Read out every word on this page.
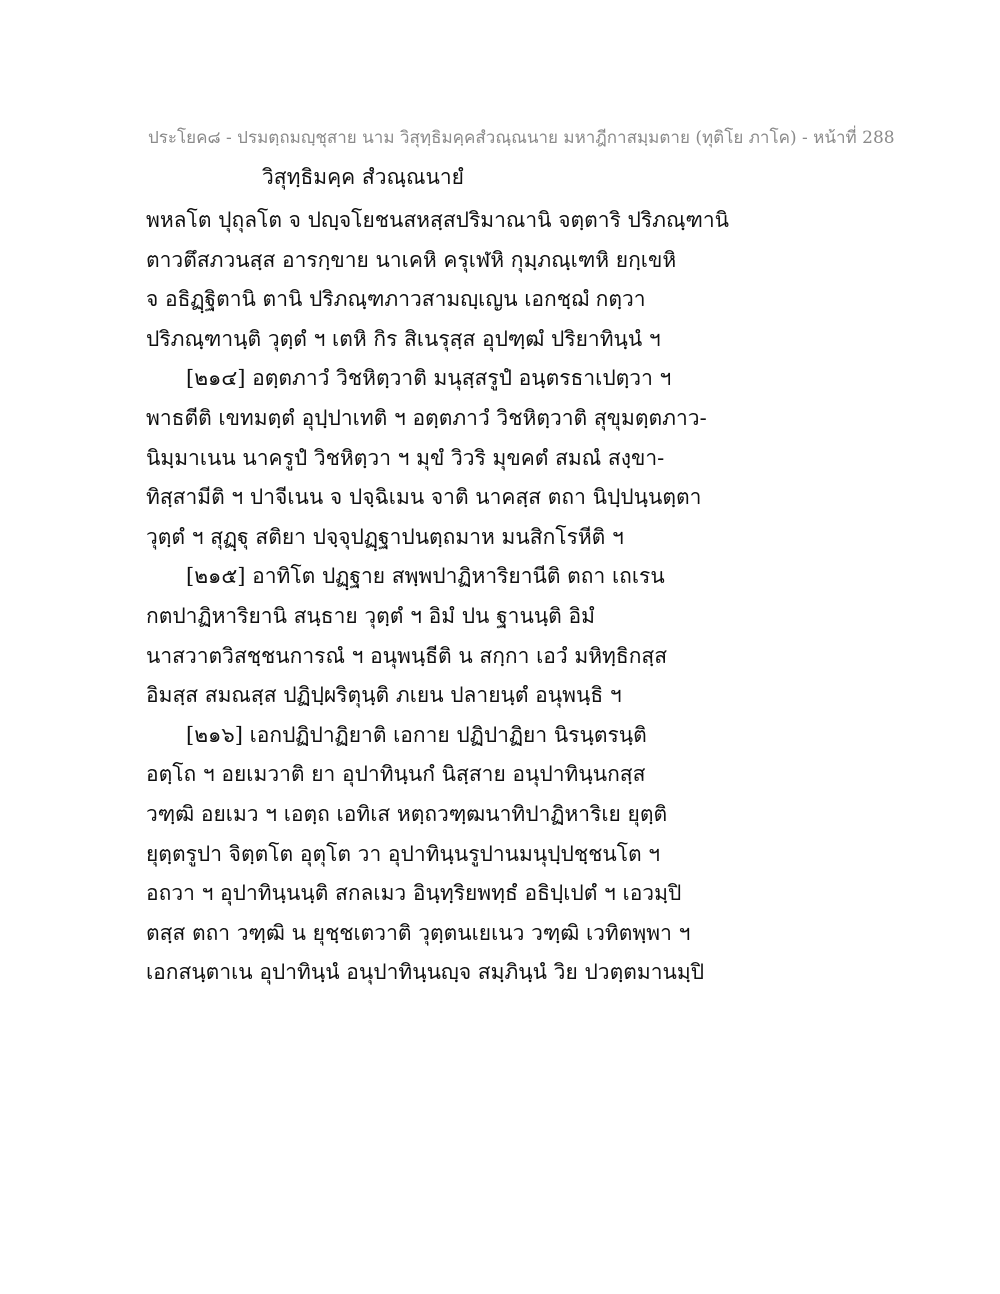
ประโยค๘ - ปรมตฺถมญฺชุสาย นาม วิสุทฺธิมคฺคสํวณฺณนาย มหาฎีกาสมฺมตาย (ทุติโย ภาโค) - หน้าที่ 288
วิสุทฺธิมคฺค สํวณฺณนายํ
พหลโต ปุถุลโต จ ปญฺจโยชนสหสฺสปริมาณานิ จตฺตาริ ปริภณฺฑานิ
ตาวตึสภวนสฺส อารกฺขาย นาเคหิ ครุเฬหิ กุมฺภณฺเฑหิ ยกฺเขหิ
จ อธิฏฺฐิตานิ ตานิ ปริภณฺฑภาวสามญฺเญน เอกชฺฌํ กตฺวา
ปริภณฺฑานฺติ วุตฺตํ ฯ เตหิ กิร สิเนรุสฺส อุปฑฺฒํ ปริยาทินฺนํ ฯ
[๒๑๔] อตฺตภาวํ วิชหิตฺวาติ มนุสฺสรูปํ อนฺตรธาเปตฺวา ฯ
พาธตีติ เขทมตฺตํ อุปฺปาเทติ ฯ อตฺตภาวํ วิชหิตฺวาติ สุขุมตฺตภาว-
นิมฺมาเนน นาครูปํ วิชหิตฺวา ฯ มุขํ วิวริ มุขคตํ สมณํ สงฺขา-
ทิสฺสามีติ ฯ ปาจีเนน จ ปจฺฉิเมน จาติ นาคสฺส ตถา นิปฺปนฺนตฺตา
วุตฺตํ ฯ สุฏฺฐุ สติยา ปจฺจุปฏฺฐาปนตฺถมาห มนสิกโรหีติ ฯ
[๒๑๕] อาทิโต ปฏฺฐาย สพฺพปาฏิหาริยานีติ ตถา เถเรน
กตปาฏิหาริยานิ สนฺธาย วุตฺตํ ฯ อิมํ ปน ฐานนฺติ อิมํ
นาสวาตวิสชฺชนการณํ ฯ อนุพนฺธีติ น สกฺกา เอวํ มหิทฺธิกสฺส
อิมสฺส สมณสฺส ปฏิปฺผริตุนฺติ ภเยน ปลายนฺตํ อนุพนฺธิ ฯ
[๒๑๖] เอกปฏิปาฏิยาติ เอกาย ปฏิปาฏิยา นิรนฺตรนฺติ
อตฺโถ ฯ อยเมวาติ ยา อุปาทินฺนกํ นิสฺสาย อนุปาทินฺนกสฺส
วฑฺฒิ อยเมว ฯ เอตฺถ เอทิเส หตฺถวฑฺฒนาทิปาฏิหาริเย ยุตฺติ
ยุตฺตรูปา จิตฺตโต อุตุโต วา อุปาทินฺนรูปานมนุปฺปชฺชนโต ฯ
อถวา ฯ อุปาทินฺนนฺติ สกลเมว อินฺทฺริยพทฺธํ อธิปฺเปตํ ฯ เอวมฺปิ
ตสฺส ตถา วฑฺฒิ น ยุชฺชเตวาติ วุตฺตนเยเนว วฑฺฒิ เวทิตพฺพา ฯ
เอกสนฺตาเน อุปาทินฺนํ อนุปาทินฺนญฺจ สมฺภินฺนํ วิย ปวตฺตมานมฺปิ
